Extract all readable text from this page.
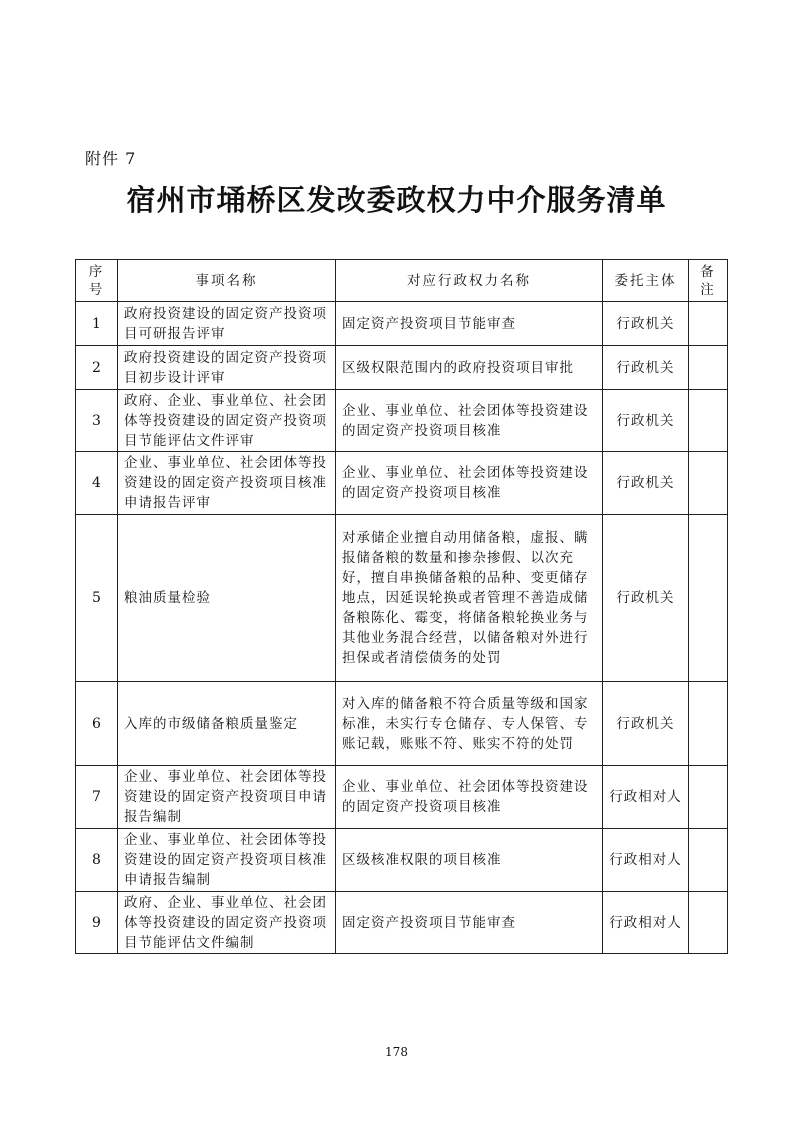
附件 7
宿州市埇桥区发改委政权力中介服务清单
序号	事项名称	对应行政权力名称	委托主体	备注
1	政府投资建设的固定资产投资项目可研报告评审	固定资产投资项目节能审查	行政机关	
2	政府投资建设的固定资产投资项目初步设计评审	区级权限范围内的政府投资项目审批	行政机关	
3	政府、企业、事业单位、社会团体等投资建设的固定资产投资项目节能评估文件评审	企业、事业单位、社会团体等投资建设的固定资产投资项目核准	行政机关	
4	企业、事业单位、社会团体等投资建设的固定资产投资项目核准申请报告评审	企业、事业单位、社会团体等投资建设的固定资产投资项目核准	行政机关	
5	粮油质量检验	对承储企业擅自动用储备粮，虚报、瞒报储备粮的数量和掺杂掺假、以次充好，擅自串换储备粮的品种、变更储存地点，因延误轮换或者管理不善造成储备粮陈化、霉变，将储备粮轮换业务与其他业务混合经营，以储备粮对外进行担保或者清偿债务的处罚	行政机关	
6	入库的市级储备粮质量鉴定	对入库的储备粮不符合质量等级和国家标准，未实行专仓储存、专人保管、专账记载，账账不符、账实不符的处罚	行政机关	
7	企业、事业单位、社会团体等投资建设的固定资产投资项目申请报告编制	企业、事业单位、社会团体等投资建设的固定资产投资项目核准	行政相对人	
8	企业、事业单位、社会团体等投资建设的固定资产投资项目核准申请报告编制	区级核准权限的项目核准	行政相对人	
9	政府、企业、事业单位、社会团体等投资建设的固定资产投资项目节能评估文件编制	固定资产投资项目节能审查	行政相对人	
178
